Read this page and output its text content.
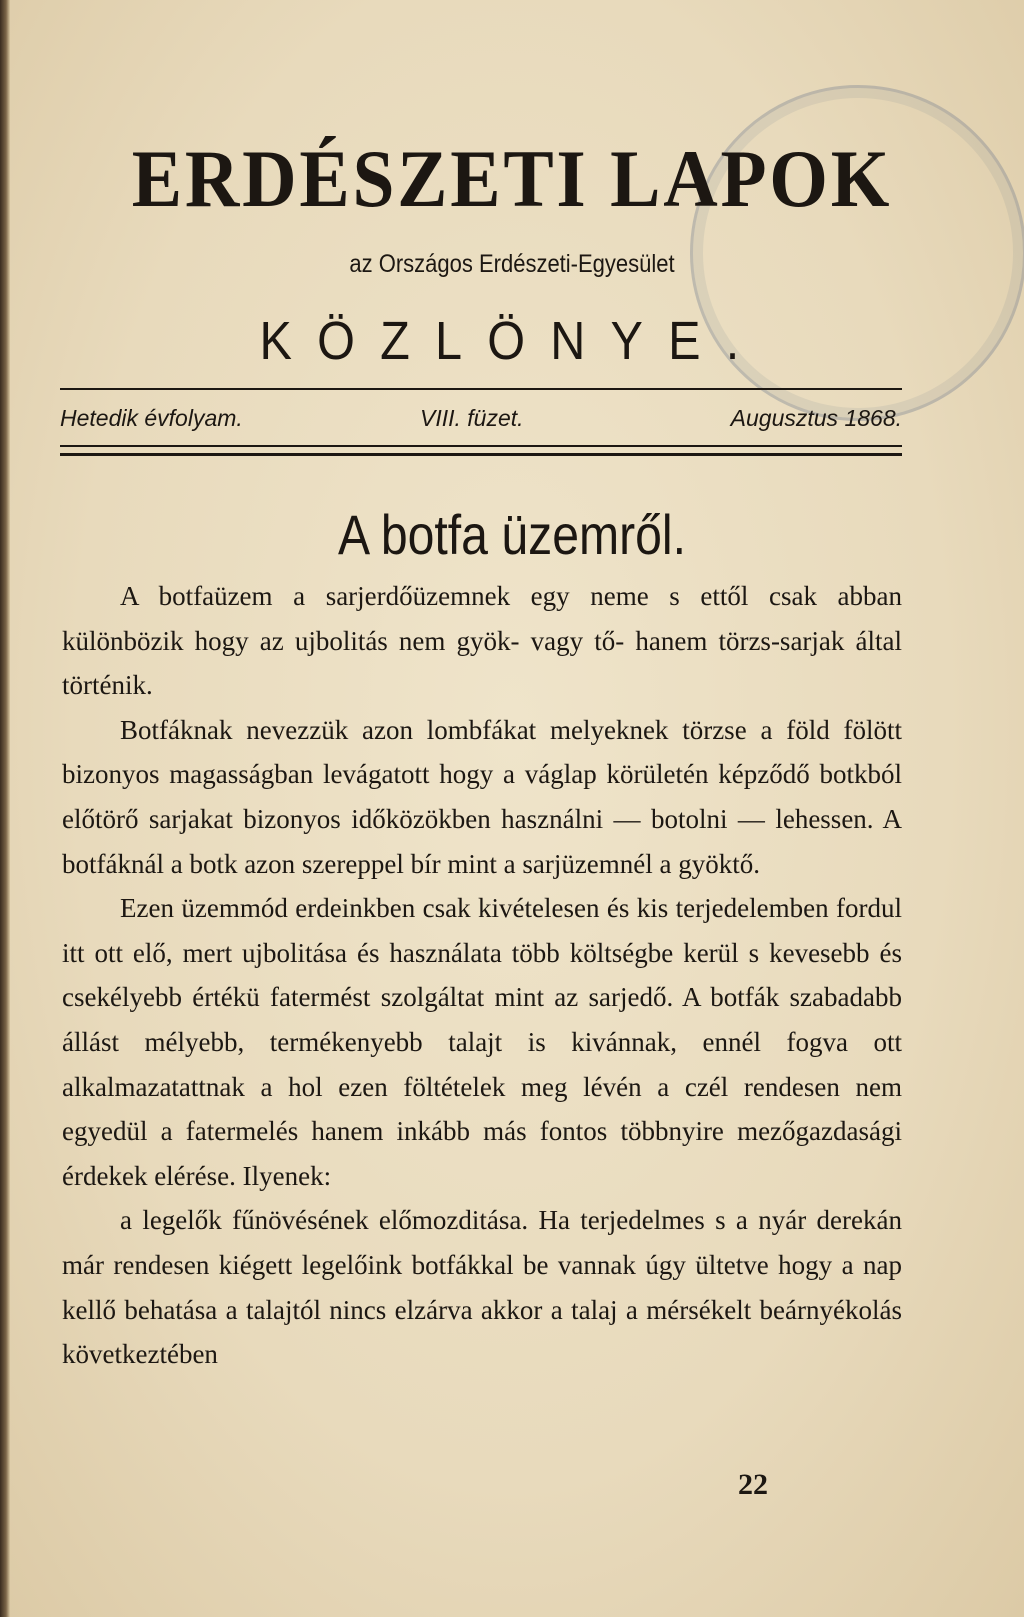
ERDÉSZETI LAPOK
az Országos Erdészeti-Egyesület
KÖZLÖNYE.
Hetedik évfolyam.	VIII. füzet.	Augusztus 1868.
A botfa üzemről.

A botfaüzem a sarjerdőüzemnek egy neme s ettől csak abban különbözik hogy az ujbolitás nem gyök- vagy tő- hanem törzs-sarjak által történik.

Botfáknak nevezzük azon lombfákat melyeknek törzse a föld fölött bizonyos magasságban levágatott hogy a váglap körületén képződő botkból előtörő sarjakat bizonyos időközökben használni — botolni — lehessen. A botfáknál a botk azon szereppel bír mint a sarjüzemnél a gyöktő.

Ezen üzemmód erdeinkben csak kivételesen és kis terjedelemben fordul itt ott elő, mert ujbolitása és használata több költségbe kerül s kevesebb és csekélyebb értékü fatermést szolgáltat mint az sarjedő. A botfák szabadabb állást mélyebb, termékenyebb talajt is kivánnak, ennél fogva ott alkalmazatattnak a hol ezen föltételek meg lévén a czél rendesen nem egyedül a fatermelés hanem inkább más fontos többnyire mezőgazdasági érdekek elérése. Ilyenek:

a legelők fűnövésének előmozditása. Ha terjedelmes s a nyár derekán már rendesen kiégett legelőink botfákkal be vannak úgy ültetve hogy a nap kellő behatása a talajtól nincs elzárva akkor a talaj a mérsékelt beárnyékolás következtében

22
